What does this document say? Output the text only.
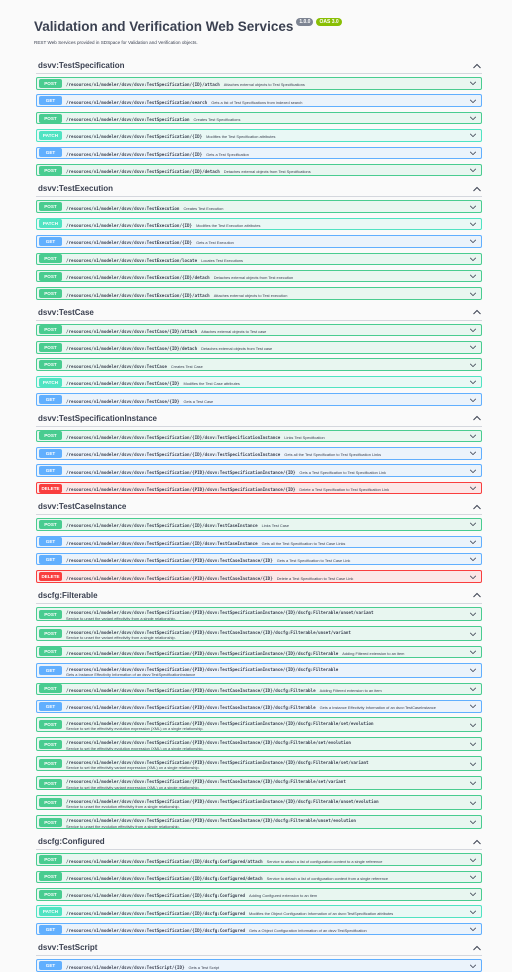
Validation and Verification Web Services	1.0.0	OAS 3.0
REST Web Services provided in SDSpace for Validation and Verification objects.
dsvv:TestSpecification
POST	/resources/v1/modeler/dsvv/dsvv:TestSpecification/{ID}/attach Attaches external objects to Test Specifications
GET	/resources/v1/modeler/dsvv/dsvv:TestSpecification/search Gets a list of Test Specifications from indexed search
POST	/resources/v1/modeler/dsvv/dsvv:TestSpecification Creates Test Specifications
PATCH	/resources/v1/modeler/dsvv/dsvv:TestSpecification/{ID} Modifies the Test Specification attributes
GET	/resources/v1/modeler/dsvv/dsvv:TestSpecification/{ID} Gets a Test Specification
POST	/resources/v1/modeler/dsvv/dsvv:TestSpecification/{ID}/detach Detaches external objects from Test Specifications
dsvv:TestExecution
POST	/resources/v1/modeler/dsvv/dsvv:TestExecution Creates Test Execution
PATCH	/resources/v1/modeler/dsvv/dsvv:TestExecution/{ID} Modifies the Test Execution attributes
GET	/resources/v1/modeler/dsvv/dsvv:TestExecution/{ID} Gets a Test Execution
POST	/resources/v1/modeler/dsvv/dsvv:TestExecution/locate Locates Test Executions
POST	/resources/v1/modeler/dsvv/dsvv:TestExecution/{ID}/detach Detaches external objects from Test execution
POST	/resources/v1/modeler/dsvv/dsvv:TestExecution/{ID}/attach Attaches external objects to Test execution
dsvv:TestCase
POST	/resources/v1/modeler/dsvv/dsvv:TestCase/{ID}/attach Attaches external objects to Test case
POST	/resources/v1/modeler/dsvv/dsvv:TestCase/{ID}/detach Detaches external objects from Test case
POST	/resources/v1/modeler/dsvv/dsvv:TestCase Creates Test Case
PATCH	/resources/v1/modeler/dsvv/dsvv:TestCase/{ID} Modifies the Test Case attributes
GET	/resources/v1/modeler/dsvv/dsvv:TestCase/{ID} Gets a Test Case
dsvv:TestSpecificationInstance
POST	/resources/v1/modeler/dsvv/dsvv:TestSpecification/{ID}/dsvv:TestSpecificationInstance Links Test Specification
GET	/resources/v1/modeler/dsvv/dsvv:TestSpecification/{ID}/dsvv:TestSpecificationInstance Gets all the Test Specification to Test Specification Links
GET	/resources/v1/modeler/dsvv/dsvv:TestSpecification/{PID}/dsvv:TestSpecificationInstance/{ID} Gets a Test Specification to Test Specification Link
DELETE	/resources/v1/modeler/dsvv/dsvv:TestSpecification/{PID}/dsvv:TestSpecificationInstance/{ID} Delete a Test Specification to Test Specification Link
dsvv:TestCaseInstance
POST	/resources/v1/modeler/dsvv/dsvv:TestSpecification/{ID}/dsvv:TestCaseInstance Links Test Case
GET	/resources/v1/modeler/dsvv/dsvv:TestSpecification/{ID}/dsvv:TestCaseInstance Gets all the Test Specification to Test Case Links
GET	/resources/v1/modeler/dsvv/dsvv:TestSpecification/{PID}/dsvv:TestCaseInstance/{ID} Gets a Test Specification to Test Case Link
DELETE	/resources/v1/modeler/dsvv/dsvv:TestSpecification/{PID}/dsvv:TestCaseInstance/{ID} Delete a Test Specification to Test Case Link
dscfg:Filterable
POST	/resources/v1/modeler/dsvv/dsvv:TestSpecification/{PID}/dsvv:TestSpecificationInstance/{ID}/dscfg:Filterable/unset/variant
Service to unset the variant effectivity from a single relationship.
POST	/resources/v1/modeler/dsvv/dsvv:TestSpecification/{PID}/dsvv:TestCaseInstance/{ID}/dscfg:Filterable/unset/variant
Service to unset the variant effectivity from a single relationship.
POST	/resources/v1/modeler/dsvv/dsvv:TestSpecification/{PID}/dsvv:TestSpecificationInstance/{ID}/dscfg:Filterable Adding Filtered extension to an item
GET	/resources/v1/modeler/dsvv/dsvv:TestSpecification/{PID}/dsvv:TestSpecificationInstance/{ID}/dscfg:Filterable
Gets a Instance Effectivity Information of an dsvv:TestSpecificationInstance
POST	/resources/v1/modeler/dsvv/dsvv:TestSpecification/{PID}/dsvv:TestCaseInstance/{ID}/dscfg:Filterable Adding Filtered extension to an item
GET	/resources/v1/modeler/dsvv/dsvv:TestSpecification/{PID}/dsvv:TestCaseInstance/{ID}/dscfg:Filterable Gets a Instance Effectivity Information of an dsvv:TestCaseInstance
POST	/resources/v1/modeler/dsvv/dsvv:TestSpecification/{PID}/dsvv:TestSpecificationInstance/{ID}/dscfg:Filterable/set/evolution
Service to set the effectivity evolution expression (XML) on a single relationship.
POST	/resources/v1/modeler/dsvv/dsvv:TestSpecification/{PID}/dsvv:TestCaseInstance/{ID}/dscfg:Filterable/set/evolution
Service to set the effectivity evolution expression (XML) on a single relationship.
POST	/resources/v1/modeler/dsvv/dsvv:TestSpecification/{PID}/dsvv:TestSpecificationInstance/{ID}/dscfg:Filterable/set/variant
Service to set the effectivity variant expression (XML) on a single relationship.
POST	/resources/v1/modeler/dsvv/dsvv:TestSpecification/{PID}/dsvv:TestCaseInstance/{ID}/dscfg:Filterable/set/variant
Service to set the effectivity variant expression (XML) on a single relationship.
POST	/resources/v1/modeler/dsvv/dsvv:TestSpecification/{PID}/dsvv:TestSpecificationInstance/{ID}/dscfg:Filterable/unset/evolution
Service to unset the evolution effectivity from a single relationship.
POST	/resources/v1/modeler/dsvv/dsvv:TestSpecification/{PID}/dsvv:TestCaseInstance/{ID}/dscfg:Filterable/unset/evolution
Service to unset the evolution effectivity from a single relationship.
dscfg:Configured
POST	/resources/v1/modeler/dsvv/dsvv:TestSpecification/{ID}/dscfg:Configured/attach Service to attach a list of configuration context to a single reference
POST	/resources/v1/modeler/dsvv/dsvv:TestSpecification/{ID}/dscfg:Configured/detach Service to detach a list of configuration context from a single reference
POST	/resources/v1/modeler/dsvv/dsvv:TestSpecification/{ID}/dscfg:Configured Adding Configured extension to an item
PATCH	/resources/v1/modeler/dsvv/dsvv:TestSpecification/{ID}/dscfg:Configured Modifies the Object Configuration Information of an dsvv:TestSpecification attributes
GET	/resources/v1/modeler/dsvv/dsvv:TestSpecification/{ID}/dscfg:Configured Gets a Object Configuration Information of an dsvv:TestSpecification
dsvv:TestScript
GET	/resources/v1/modeler/dsvv/dsvv:TestScript/{ID} Gets a Test Script
